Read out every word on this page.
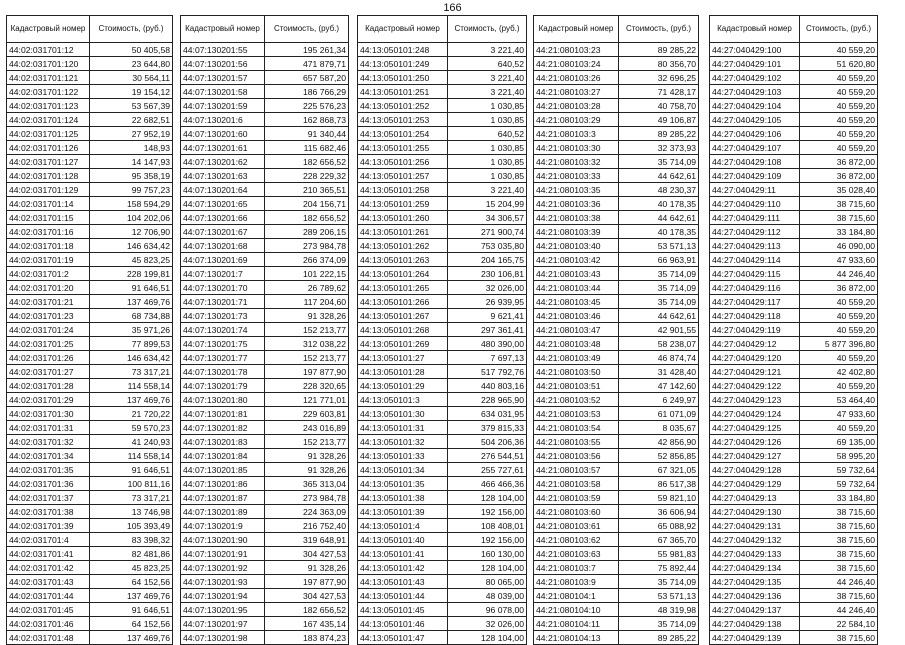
166
Кадастровый номер	Стоимость, (руб.)
44:02:031701:12	50 405,58
44:02:031701:120	23 644,80
44:02:031701:121	30 564,11
44:02:031701:122	19 154,12
44:02:031701:123	53 567,39
44:02:031701:124	22 682,51
44:02:031701:125	27 952,19
44:02:031701:126	148,93
44:02:031701:127	14 147,93
44:02:031701:128	95 358,19
44:02:031701:129	99 757,23
44:02:031701:14	158 594,29
44:02:031701:15	104 202,06
44:02:031701:16	12 706,90
44:02:031701:18	146 634,42
44:02:031701:19	45 823,25
44:02:031701:2	228 199,81
44:02:031701:20	91 646,51
44:02:031701:21	137 469,76
44:02:031701:23	68 734,88
44:02:031701:24	35 971,26
44:02:031701:25	77 899,53
44:02:031701:26	146 634,42
44:02:031701:27	73 317,21
44:02:031701:28	114 558,14
44:02:031701:29	137 469,76
44:02:031701:30	21 720,22
44:02:031701:31	59 570,23
44:02:031701:32	41 240,93
44:02:031701:34	114 558,14
44:02:031701:35	91 646,51
44:02:031701:36	100 811,16
44:02:031701:37	73 317,21
44:02:031701:38	13 746,98
44:02:031701:39	105 393,49
44:02:031701:4	83 398,32
44:02:031701:41	82 481,86
44:02:031701:42	45 823,25
44:02:031701:43	64 152,56
44:02:031701:44	137 469,76
44:02:031701:45	91 646,51
44:02:031701:46	64 152,56
44:02:031701:48	137 469,76
Кадастровый номер	Стоимость, (руб.)
44:07:130201:55	195 261,34
44:07:130201:56	471 879,71
44:07:130201:57	657 587,20
44:07:130201:58	186 766,29
44:07:130201:59	225 576,23
44:07:130201:6	162 868,73
44:07:130201:60	91 340,44
44:07:130201:61	115 682,46
44:07:130201:62	182 656,52
44:07:130201:63	228 229,32
44:07:130201:64	210 365,51
44:07:130201:65	204 156,71
44:07:130201:66	182 656,52
44:07:130201:67	289 206,15
44:07:130201:68	273 984,78
44:07:130201:69	266 374,09
44:07:130201:7	101 222,15
44:07:130201:70	26 789,62
44:07:130201:71	117 204,60
44:07:130201:73	91 328,26
44:07:130201:74	152 213,77
44:07:130201:75	312 038,22
44:07:130201:77	152 213,77
44:07:130201:78	197 877,90
44:07:130201:79	228 320,65
44:07:130201:80	121 771,01
44:07:130201:81	229 603,81
44:07:130201:82	243 016,89
44:07:130201:83	152 213,77
44:07:130201:84	91 328,26
44:07:130201:85	91 328,26
44:07:130201:86	365 313,04
44:07:130201:87	273 984,78
44:07:130201:89	224 363,09
44:07:130201:9	216 752,40
44:07:130201:90	319 648,91
44:07:130201:91	304 427,53
44:07:130201:92	91 328,26
44:07:130201:93	197 877,90
44:07:130201:94	304 427,53
44:07:130201:95	182 656,52
44:07:130201:97	167 435,14
44:07:130201:98	183 874,23
Кадастровый номер	Стоимость, (руб.)
44:13:050101:248	3 221,40
44:13:050101:249	640,52
44:13:050101:250	3 221,40
44:13:050101:251	3 221,40
44:13:050101:252	1 030,85
44:13:050101:253	1 030,85
44:13:050101:254	640,52
44:13:050101:255	1 030,85
44:13:050101:256	1 030,85
44:13:050101:257	1 030,85
44:13:050101:258	3 221,40
44:13:050101:259	15 204,99
44:13:050101:260	34 306,57
44:13:050101:261	271 900,74
44:13:050101:262	753 035,80
44:13:050101:263	204 165,75
44:13:050101:264	230 106,81
44:13:050101:265	32 026,00
44:13:050101:266	26 939,95
44:13:050101:267	9 621,41
44:13:050101:268	297 361,41
44:13:050101:269	480 390,00
44:13:050101:27	7 697,13
44:13:050101:28	517 792,76
44:13:050101:29	440 803,16
44:13:050101:3	228 965,90
44:13:050101:30	634 031,95
44:13:050101:31	379 815,33
44:13:050101:32	504 206,36
44:13:050101:33	276 544,51
44:13:050101:34	255 727,61
44:13:050101:35	466 466,36
44:13:050101:38	128 104,00
44:13:050101:39	192 156,00
44:13:050101:4	108 408,01
44:13:050101:40	192 156,00
44:13:050101:41	160 130,00
44:13:050101:42	128 104,00
44:13:050101:43	80 065,00
44:13:050101:44	48 039,00
44:13:050101:45	96 078,00
44:13:050101:46	32 026,00
44:13:050101:47	128 104,00
Кадастровый номер	Стоимость, (руб.)
44:21:080103:23	89 285,22
44:21:080103:24	80 356,70
44:21:080103:26	32 696,25
44:21:080103:27	71 428,17
44:21:080103:28	40 758,70
44:21:080103:29	49 106,87
44:21:080103:3	89 285,22
44:21:080103:30	32 373,93
44:21:080103:32	35 714,09
44:21:080103:33	44 642,61
44:21:080103:35	48 230,37
44:21:080103:36	40 178,35
44:21:080103:38	44 642,61
44:21:080103:39	40 178,35
44:21:080103:40	53 571,13
44:21:080103:42	66 963,91
44:21:080103:43	35 714,09
44:21:080103:44	35 714,09
44:21:080103:45	35 714,09
44:21:080103:46	44 642,61
44:21:080103:47	42 901,55
44:21:080103:48	58 238,07
44:21:080103:49	46 874,74
44:21:080103:50	31 428,40
44:21:080103:51	47 142,60
44:21:080103:52	6 249,97
44:21:080103:53	61 071,09
44:21:080103:54	8 035,67
44:21:080103:55	42 856,90
44:21:080103:56	52 856,85
44:21:080103:57	67 321,05
44:21:080103:58	86 517,38
44:21:080103:59	59 821,10
44:21:080103:60	36 606,94
44:21:080103:61	65 088,92
44:21:080103:62	67 365,70
44:21:080103:63	55 981,83
44:21:080103:7	75 892,44
44:21:080103:9	35 714,09
44:21:080104:1	53 571,13
44:21:080104:10	48 319,98
44:21:080104:11	35 714,09
44:21:080104:13	89 285,22
Кадастровый номер	Стоимость, (руб.)
44:27:040429:100	40 559,20
44:27:040429:101	51 620,80
44:27:040429:102	40 559,20
44:27:040429:103	40 559,20
44:27:040429:104	40 559,20
44:27:040429:105	40 559,20
44:27:040429:106	40 559,20
44:27:040429:107	40 559,20
44:27:040429:108	36 872,00
44:27:040429:109	36 872,00
44:27:040429:11	35 028,40
44:27:040429:110	38 715,60
44:27:040429:111	38 715,60
44:27:040429:112	33 184,80
44:27:040429:113	46 090,00
44:27:040429:114	47 933,60
44:27:040429:115	44 246,40
44:27:040429:116	36 872,00
44:27:040429:117	40 559,20
44:27:040429:118	40 559,20
44:27:040429:119	40 559,20
44:27:040429:12	5 877 396,80
44:27:040429:120	40 559,20
44:27:040429:121	42 402,80
44:27:040429:122	40 559,20
44:27:040429:123	53 464,40
44:27:040429:124	47 933,60
44:27:040429:125	40 559,20
44:27:040429:126	69 135,00
44:27:040429:127	58 995,20
44:27:040429:128	59 732,64
44:27:040429:129	59 732,64
44:27:040429:13	33 184,80
44:27:040429:130	38 715,60
44:27:040429:131	38 715,60
44:27:040429:132	38 715,60
44:27:040429:133	38 715,60
44:27:040429:134	38 715,60
44:27:040429:135	44 246,40
44:27:040429:136	38 715,60
44:27:040429:137	44 246,40
44:27:040429:138	22 584,10
44:27:040429:139	38 715,60
